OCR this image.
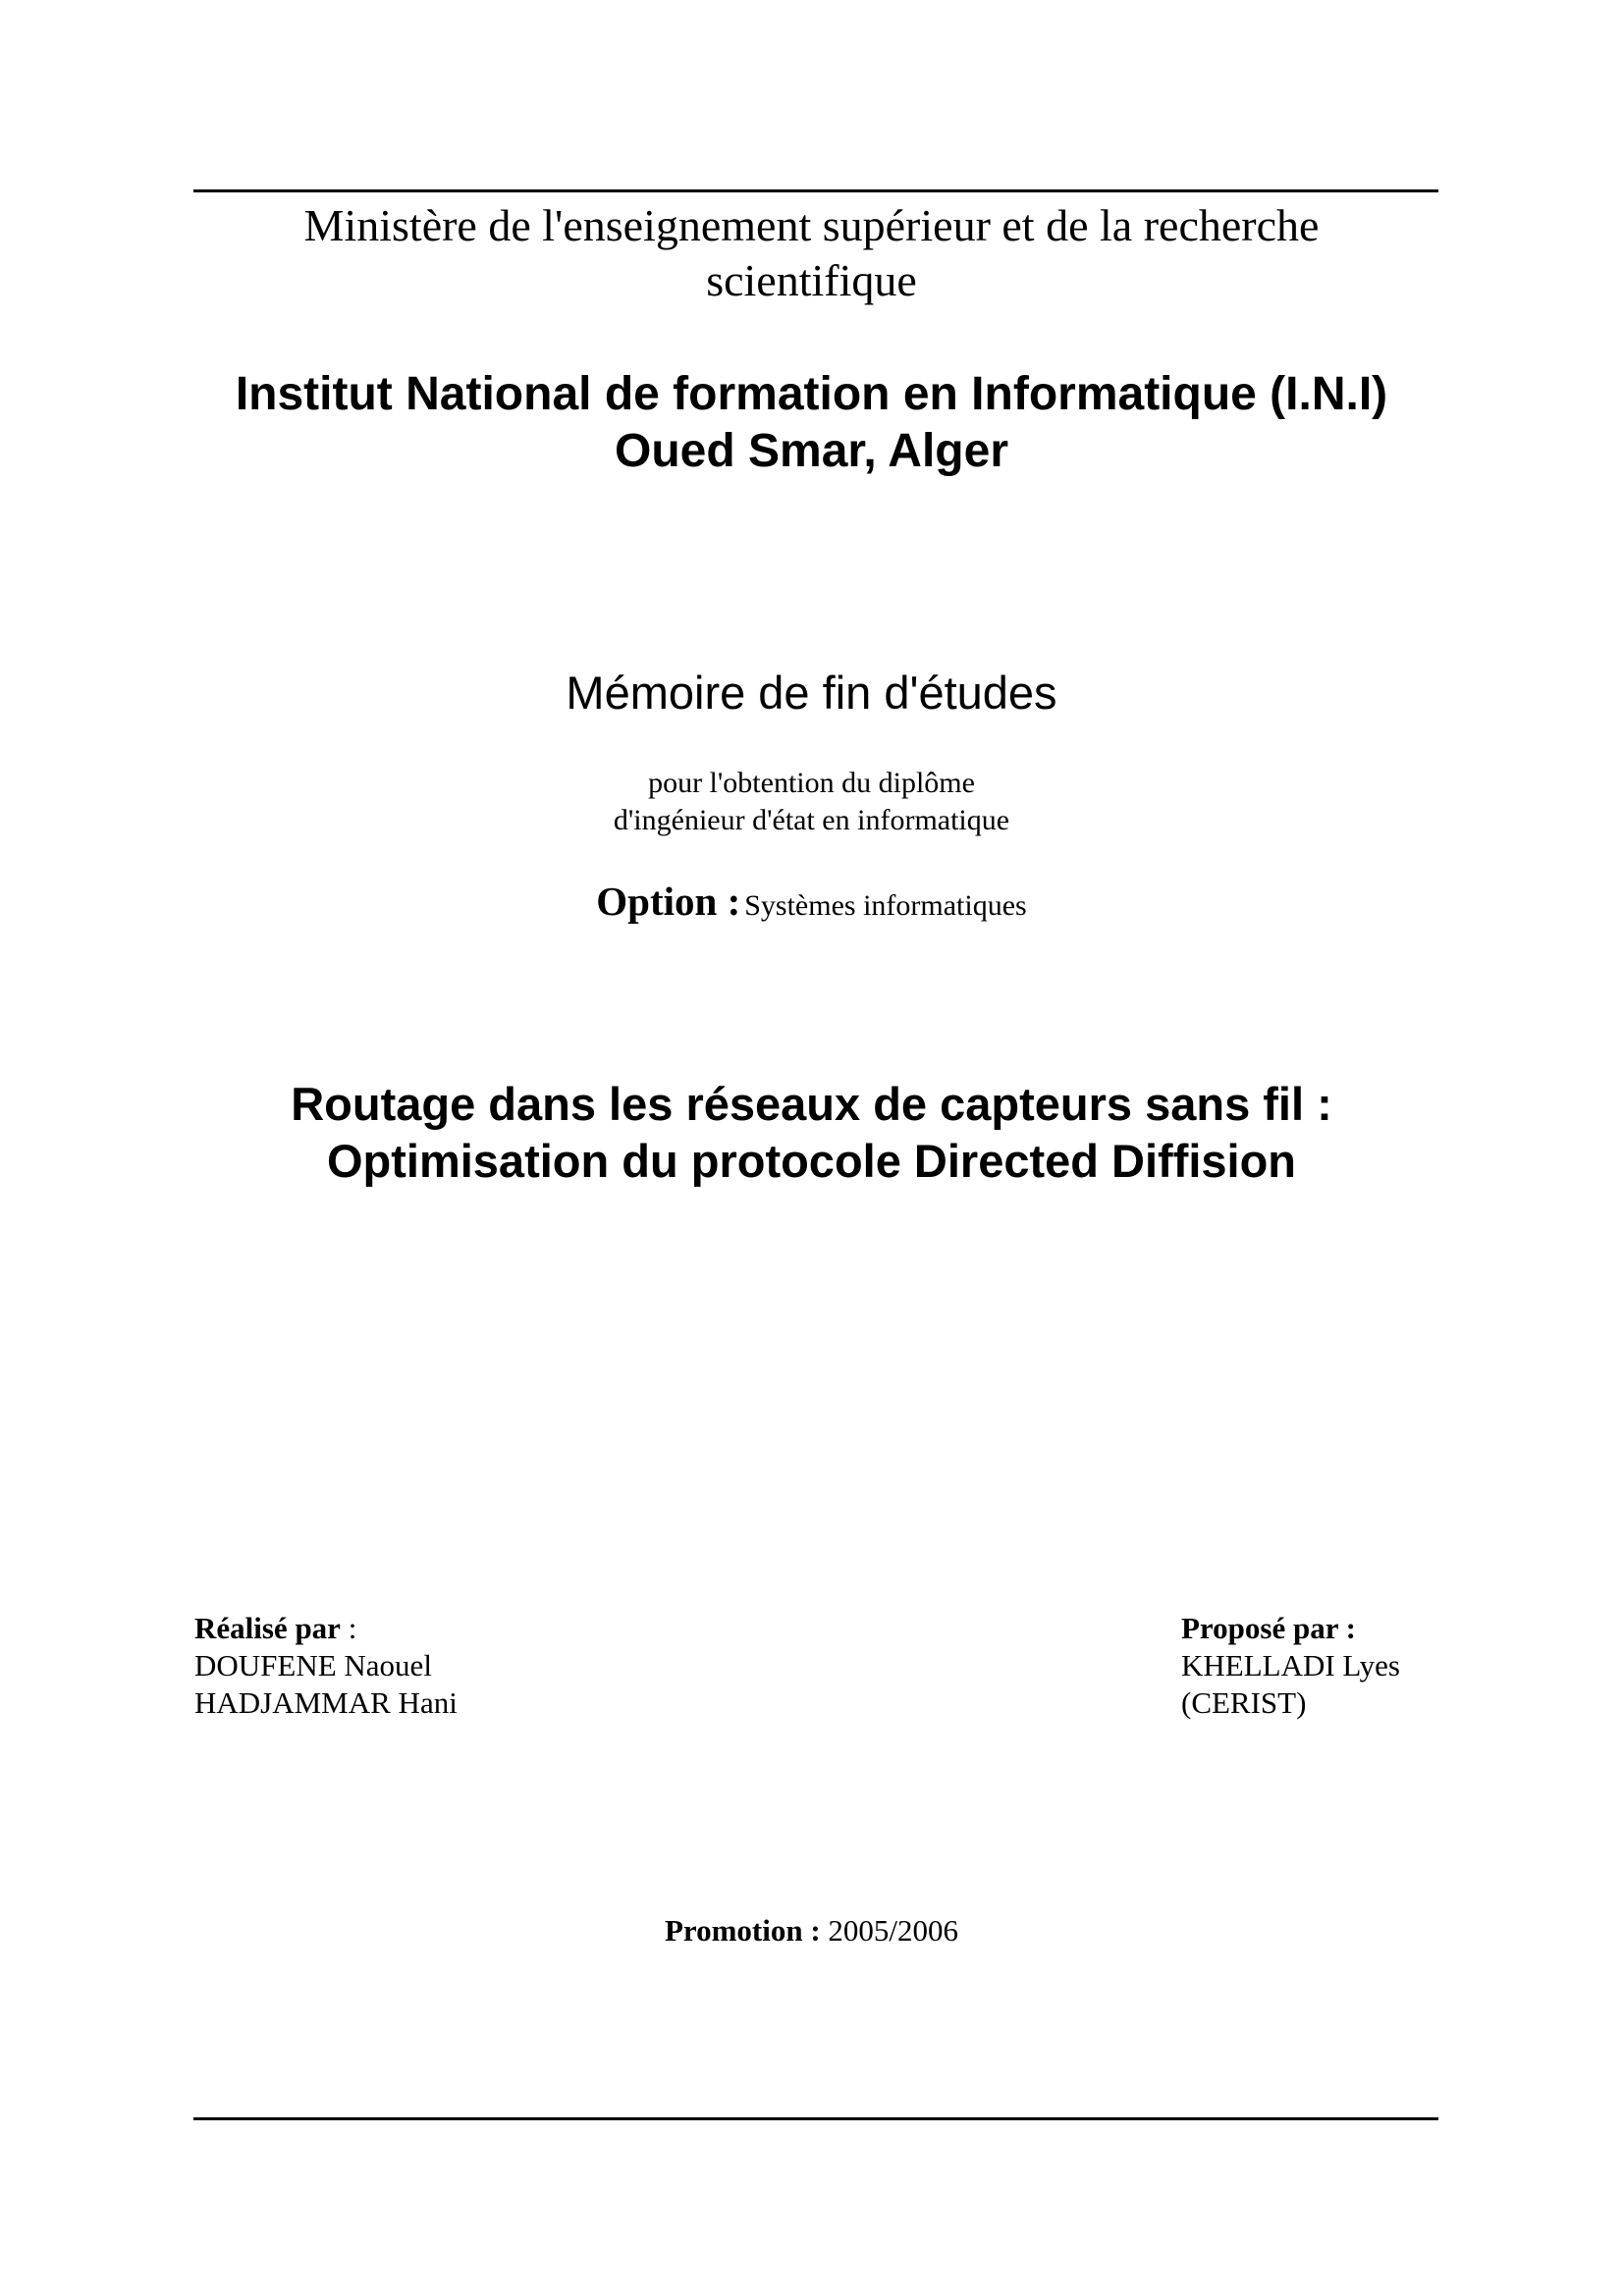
Ministère de l'enseignement supérieur et de la recherche
scientifique
Institut National de formation en Informatique (I.N.I)
Oued Smar, Alger
Mémoire de fin d'études
pour l'obtention du diplôme
d'ingénieur d'état en informatique
Option : Systèmes informatiques
Routage dans les réseaux de capteurs sans fil :
Optimisation du protocole Directed Diffision
Réalisé par :
DOUFENE Naouel
HADJAMMAR Hani
Proposé par :
KHELLADI Lyes
(CERIST)
Promotion : 2005/2006
